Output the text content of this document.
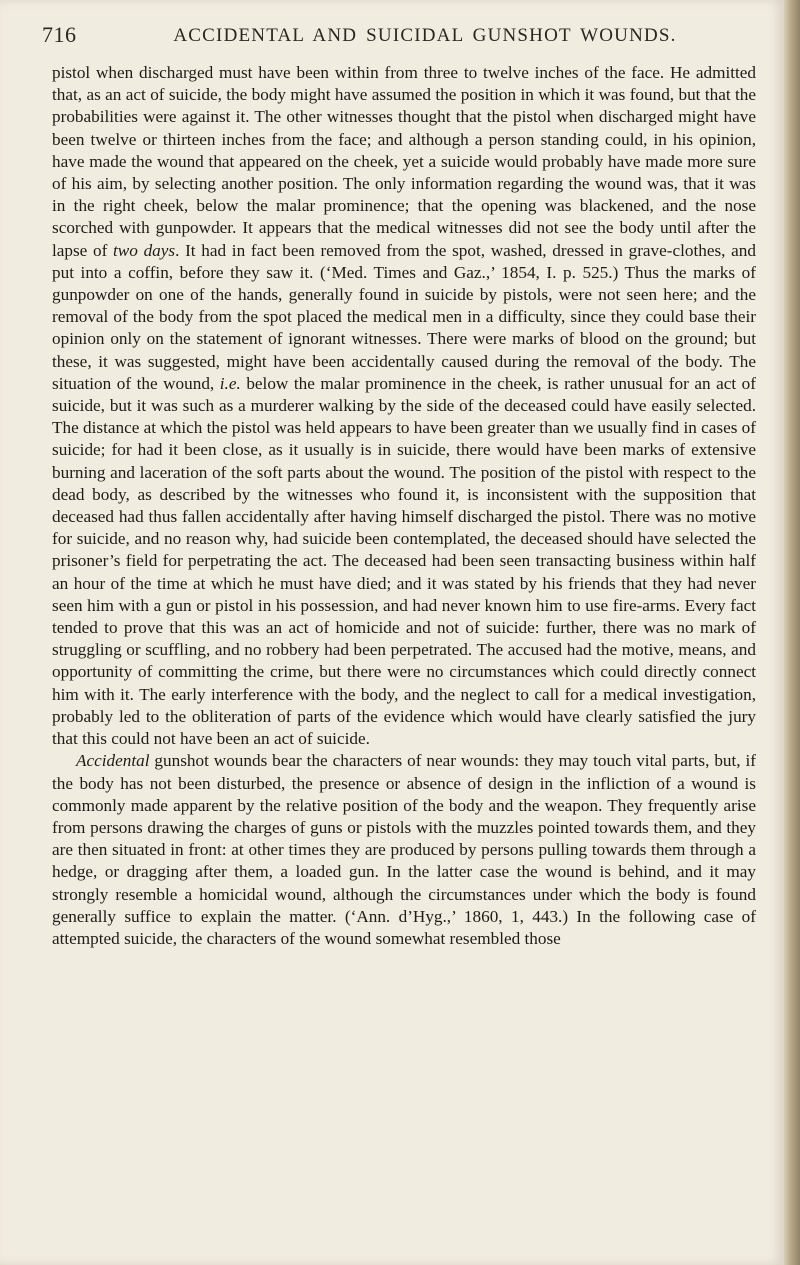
716	ACCIDENTAL AND SUICIDAL GUNSHOT WOUNDS.

pistol when discharged must have been within from three to twelve inches of the face. He admitted that, as an act of suicide, the body might have assumed the position in which it was found, but that the probabilities were against it. The other witnesses thought that the pistol when discharged might have been twelve or thirteen inches from the face; and although a person standing could, in his opinion, have made the wound that appeared on the cheek, yet a suicide would probably have made more sure of his aim, by selecting another position. The only information regarding the wound was, that it was in the right cheek, below the malar prominence; that the opening was blackened, and the nose scorched with gunpowder. It appears that the medical witnesses did not see the body until after the lapse of two days. It had in fact been removed from the spot, washed, dressed in grave-clothes, and put into a coffin, before they saw it. (‘Med. Times and Gaz.,’ 1854, I. p. 525.) Thus the marks of gunpowder on one of the hands, generally found in suicide by pistols, were not seen here; and the removal of the body from the spot placed the medical men in a difficulty, since they could base their opinion only on the statement of ignorant witnesses. There were marks of blood on the ground; but these, it was suggested, might have been accidentally caused during the removal of the body. The situation of the wound, i.e. below the malar prominence in the cheek, is rather unusual for an act of suicide, but it was such as a murderer walking by the side of the deceased could have easily selected. The distance at which the pistol was held appears to have been greater than we usually find in cases of suicide; for had it been close, as it usually is in suicide, there would have been marks of extensive burning and laceration of the soft parts about the wound. The position of the pistol with respect to the dead body, as described by the witnesses who found it, is inconsistent with the supposition that deceased had thus fallen accidentally after having himself discharged the pistol. There was no motive for suicide, and no reason why, had suicide been contemplated, the deceased should have selected the prisoner’s field for perpetrating the act. The deceased had been seen transacting business within half an hour of the time at which he must have died; and it was stated by his friends that they had never seen him with a gun or pistol in his possession, and had never known him to use fire-arms. Every fact tended to prove that this was an act of homicide and not of suicide: further, there was no mark of struggling or scuffling, and no robbery had been perpetrated. The accused had the motive, means, and opportunity of committing the crime, but there were no circumstances which could directly connect him with it. The early interference with the body, and the neglect to call for a medical investigation, probably led to the obliteration of parts of the evidence which would have clearly satisfied the jury that this could not have been an act of suicide.

Accidental gunshot wounds bear the characters of near wounds: they may touch vital parts, but, if the body has not been disturbed, the presence or absence of design in the infliction of a wound is commonly made apparent by the relative position of the body and the weapon. They frequently arise from persons drawing the charges of guns or pistols with the muzzles pointed towards them, and they are then situated in front: at other times they are produced by persons pulling towards them through a hedge, or dragging after them, a loaded gun. In the latter case the wound is behind, and it may strongly resemble a homicidal wound, although the circumstances under which the body is found generally suffice to explain the matter. (‘Ann. d’Hyg.,’ 1860, 1, 443.) In the following case of attempted suicide, the characters of the wound somewhat resembled those
